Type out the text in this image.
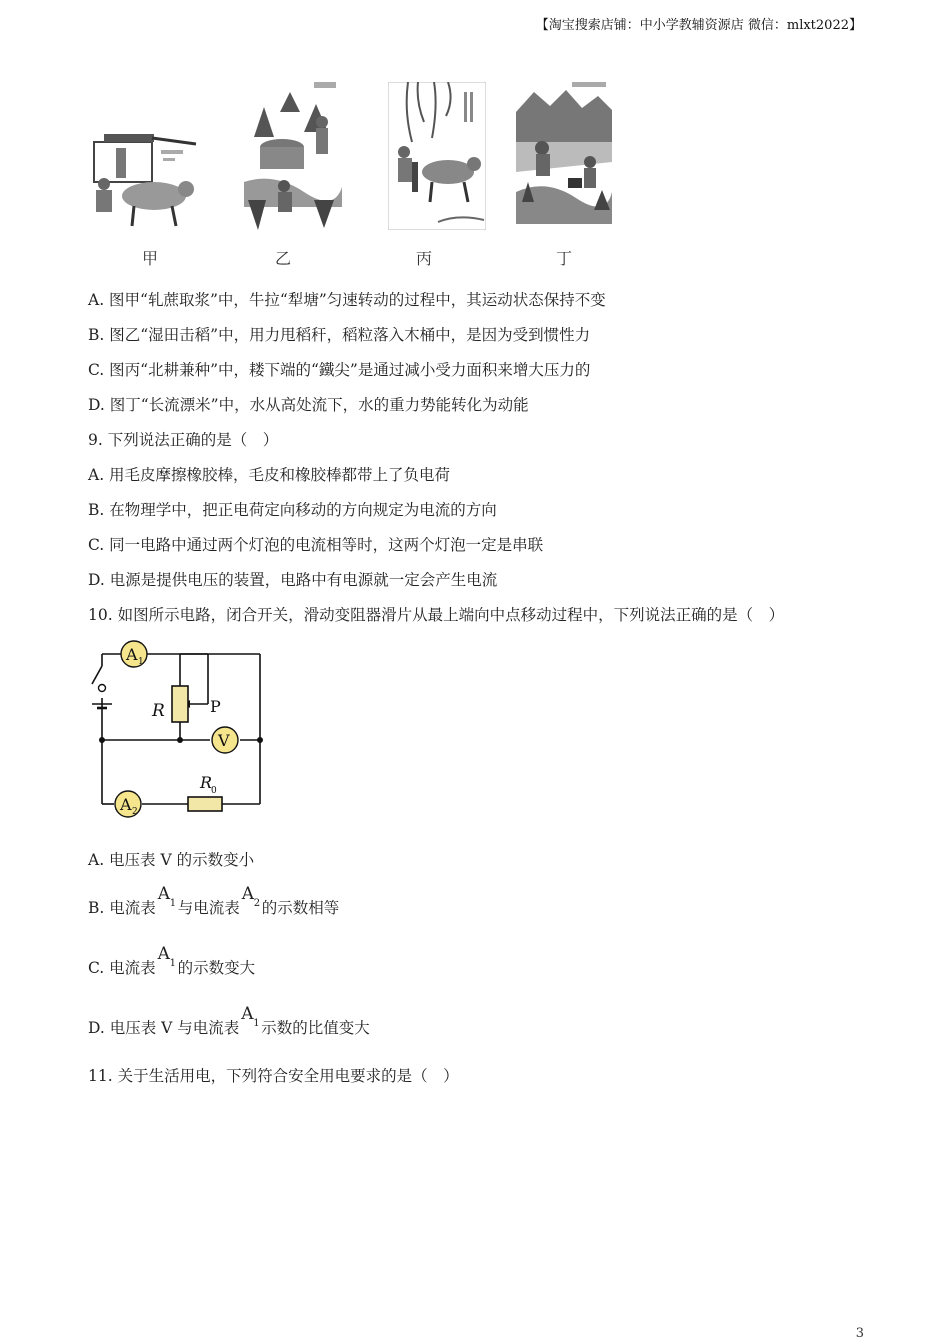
【淘宝搜索店铺：中小学教辅资源店 微信：mlxt2022】
甲	乙	丙	丁
A. 图甲“轧蔗取浆”中，牛拉“犁塘”匀速转动的过程中，其运动状态保持不变
B. 图乙“湿田击稻”中，用力甩稻秆，稻粒落入木桶中，是因为受到惯性力
C. 图丙“北耕兼种”中，耧下端的“鐵尖”是通过减小受力面积来增大压力的
D. 图丁“长流漂米”中，水从高处流下，水的重力势能转化为动能
9. 下列说法正确的是（　）
A. 用毛皮摩擦橡胶棒，毛皮和橡胶棒都带上了负电荷
B. 在物理学中，把正电荷定向移动的方向规定为电流的方向
C. 同一电路中通过两个灯泡的电流相等时，这两个灯泡一定是串联
D. 电源是提供电压的装置，电路中有电源就一定会产生电流
10. 如图所示电路，闭合开关，滑动变阻器滑片从最上端向中点移动过程中，下列说法正确的是（　）
A 1
V
A 2
R	P
R
0
A. 电压表 V 的示数变小
B. 电流表
A 1 与电流表
A 2 的示数相等
C. 电流表
A 1 的示数变大
D. 电压表 V 与电流表
A 1 示数的比值变大
11. 关于生活用电，下列符合安全用电要求的是（　）
3
